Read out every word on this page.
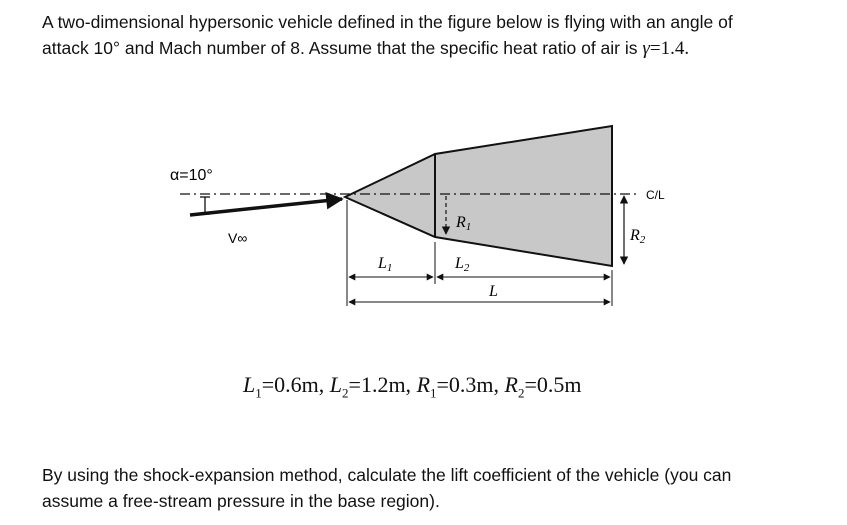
A two-dimensional hypersonic vehicle defined in the figure below is flying with an angle of
attack 10° and Mach number of 8. Assume that the specific heat ratio of air is γ=1.4.

α=10°
V∞
R1	R2
C/L
L1	L2
L
$L_1=0.6m$, $L_2=1.2m$, $R_1=0.3m$, $R_2=0.5m$

By using the shock-expansion method, calculate the lift coefficient of the vehicle (you can
assume a free-stream pressure in the base region).
